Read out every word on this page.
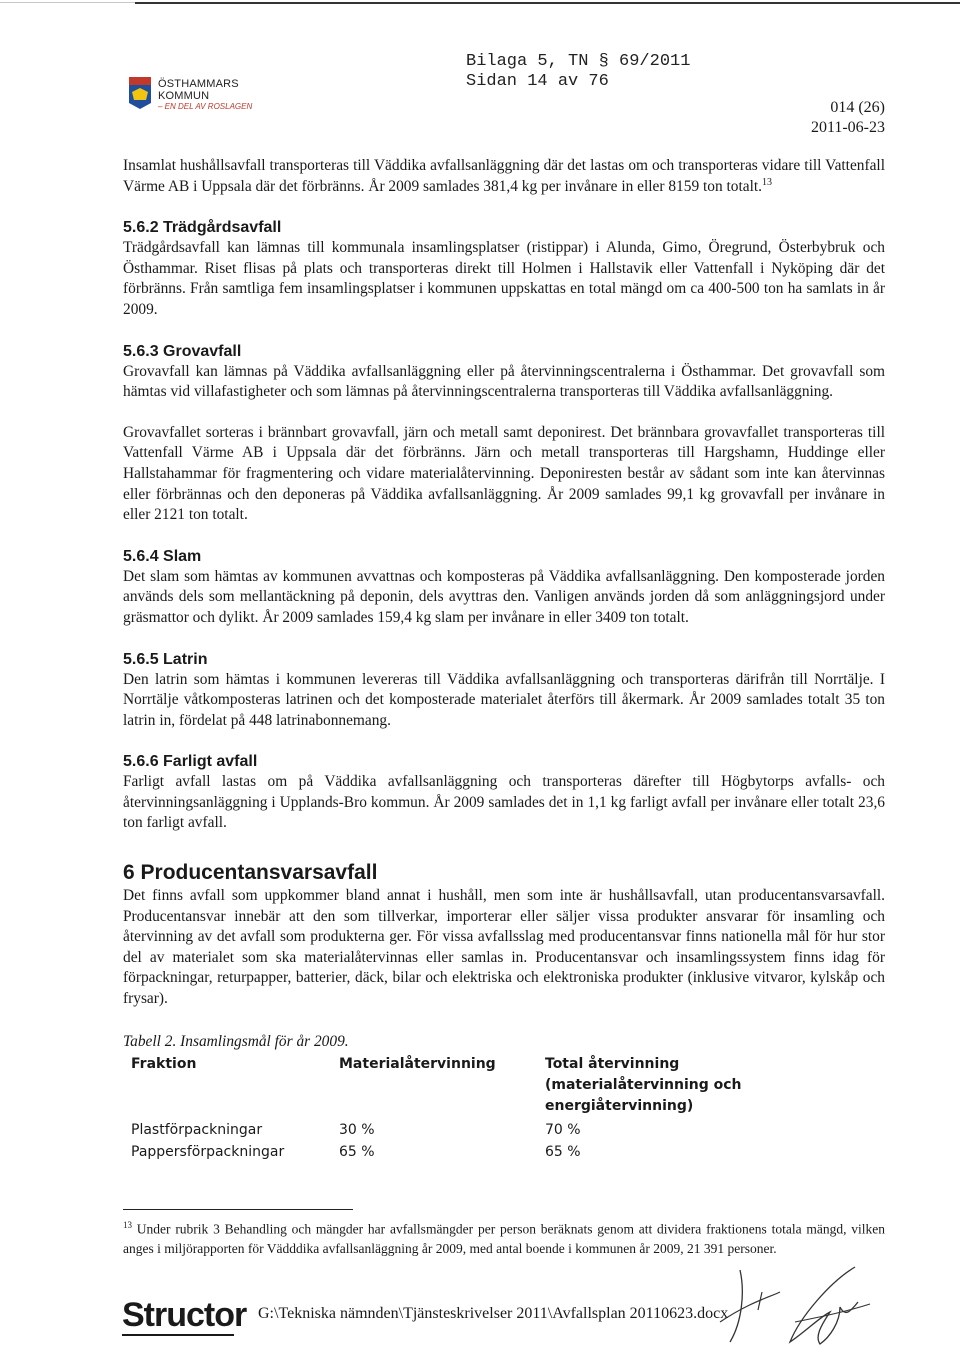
ÖSTHAMMARS
KOMMUN
– EN DEL AV ROSLAGEN
Bilaga 5, TN § 69/2011
Sidan 14 av 76
014 (26)
2011-06-23

Insamlat hushållsavfall transporteras till Väddika avfallsanläggning där det lastas om och transporteras vidare till Vattenfall Värme AB i Uppsala där det förbränns. År 2009 samlades 381,4 kg per invånare in eller 8159 ton totalt.$^{13}$

5.6.2 Trädgårdsavfall

Trädgårdsavfall kan lämnas till kommunala insamlingsplatser (ristippar) i Alunda, Gimo, Öregrund, Österbybruk och Östhammar. Riset flisas på plats och transporteras direkt till Holmen i Hallstavik eller Vattenfall i Nyköping där det förbränns. Från samtliga fem insamlingsplatser i kommunen uppskattas en total mängd om ca 400-500 ton ha samlats in år 2009.

5.6.3 Grovavfall

Grovavfall kan lämnas på Väddika avfallsanläggning eller på återvinningscentralerna i Östhammar. Det grovavfall som hämtas vid villafastigheter och som lämnas på återvinningscentralerna transporteras till Väddika avfallsanläggning.

Grovavfallet sorteras i brännbart grovavfall, järn och metall samt deponirest. Det brännbara grovavfallet transporteras till Vattenfall Värme AB i Uppsala där det förbränns. Järn och metall transporteras till Hargshamn, Huddinge eller Hallstahammar för fragmentering och vidare materialåtervinning. Deponiresten består av sådant som inte kan återvinnas eller förbrännas och den deponeras på Väddika avfallsanläggning. År 2009 samlades 99,1 kg grovavfall per invånare in eller 2121 ton totalt.

5.6.4 Slam

Det slam som hämtas av kommunen avvattnas och komposteras på Väddika avfallsanläggning. Den komposterade jorden används dels som mellantäckning på deponin, dels avyttras den. Vanligen används jorden då som anläggningsjord under gräsmattor och dylikt. År 2009 samlades 159,4 kg slam per invånare in eller 3409 ton totalt.

5.6.5 Latrin

Den latrin som hämtas i kommunen levereras till Väddika avfallsanläggning och transporteras därifrån till Norrtälje. I Norrtälje våtkomposteras latrinen och det komposterade materialet återförs till åkermark. År 2009 samlades totalt 35 ton latrin in, fördelat på 448 latrinabonnemang.

5.6.6 Farligt avfall

Farligt avfall lastas om på Väddika avfallsanläggning och transporteras därefter till Högbytorps avfalls- och återvinningsanläggning i Upplands-Bro kommun. År 2009 samlades det in 1,1 kg farligt avfall per invånare eller totalt 23,6 ton farligt avfall.

6 Producentansvarsavfall

Det finns avfall som uppkommer bland annat i hushåll, men som inte är hushållsavfall, utan producentansvarsavfall. Producentansvar innebär att den som tillverkar, importerar eller säljer vissa produkter ansvarar för insamling och återvinning av det avfall som produkterna ger. För vissa avfallsslag med producentansvar finns nationella mål för hur stor del av materialet som ska materialåtervinnas eller samlas in. Producentansvar och insamlingssystem finns idag för förpackningar, returpapper, batterier, däck, bilar och elektriska och elektroniska produkter (inklusive vitvaror, kylskåp och frysar).

Tabell 2. Insamlingsmål för år 2009.

Fraktion	Materialåtervinning	Total återvinning
(materialåtervinning och energiåtervinning)
Plastförpackningar	30 %	70 %
Pappersförpackningar	65 %	65 %
$^{13}$ Under rubrik 3 Behandling och mängder har avfallsmängder per person beräknats genom att dividera fraktionens totala mängd, vilken anges i miljörapporten för Vädddika avfallsanläggning år 2009, med antal boende i kommunen år 2009, 21 391 personer.
Structor G:\Tekniska nämnden\Tjänsteskrivelser 2011\Avfallsplan 20110623.docx
